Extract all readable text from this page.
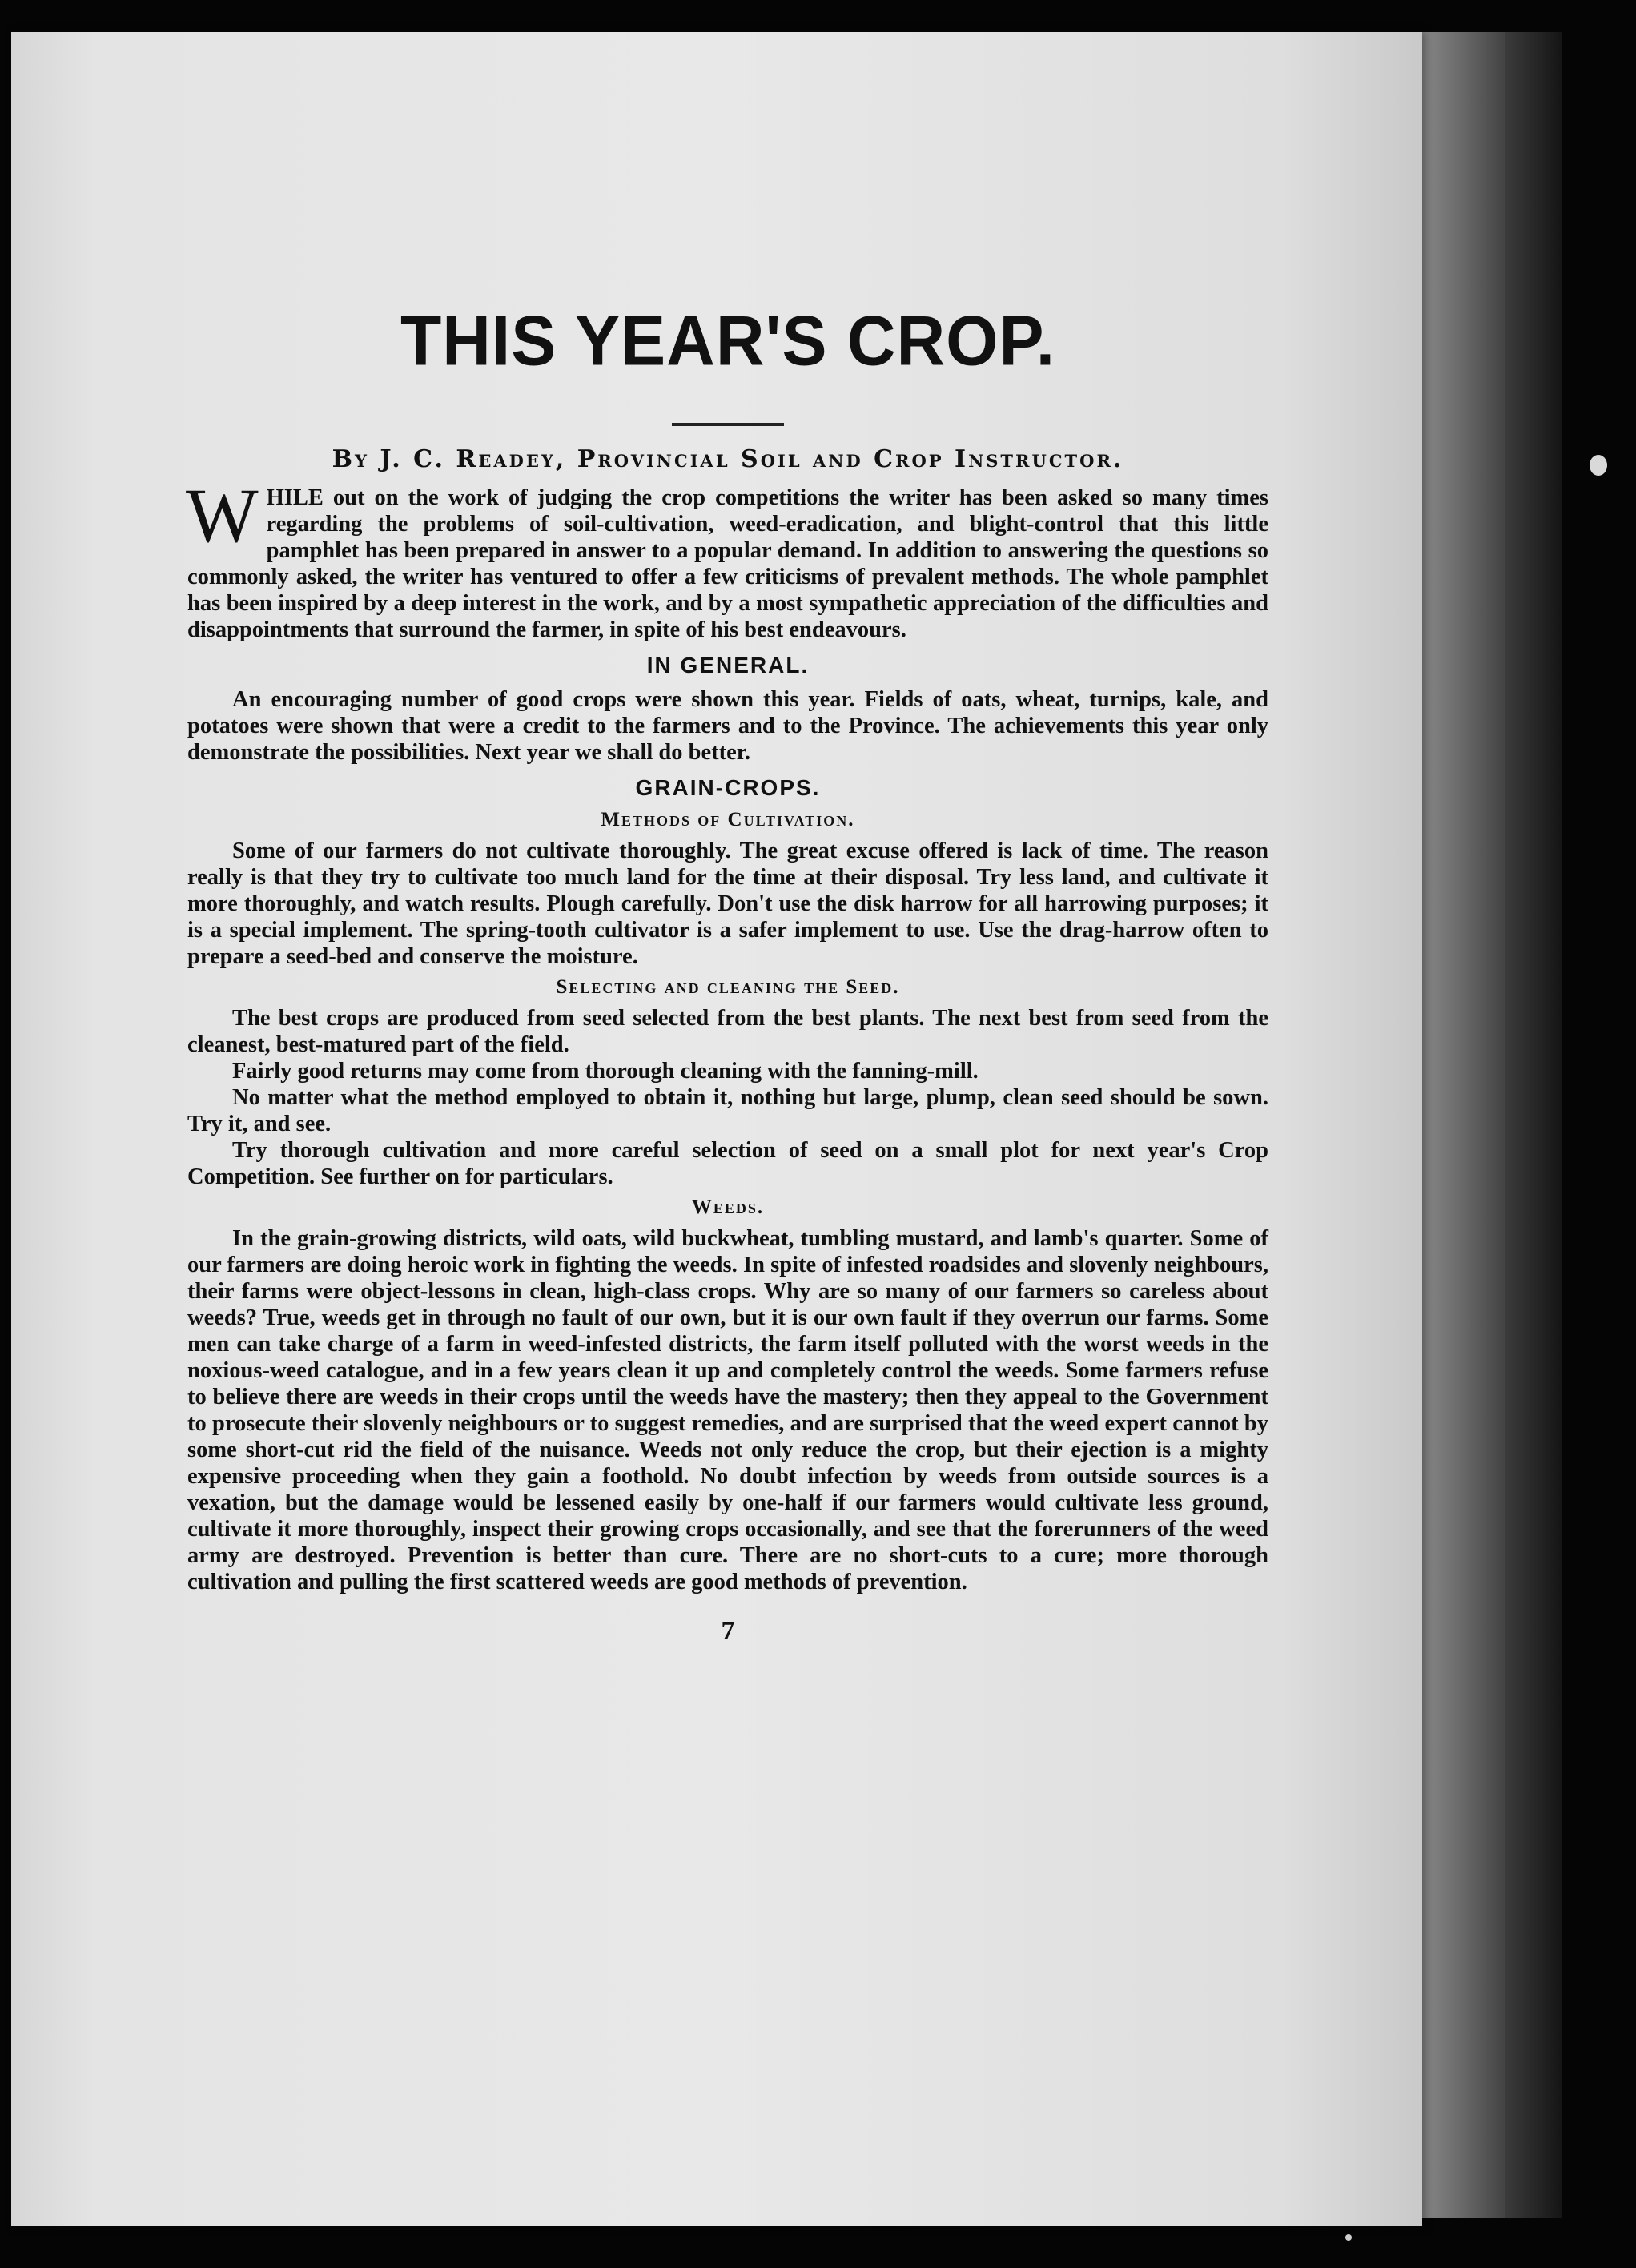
THIS YEAR'S CROP.
By J. C. Readey, Provincial Soil and Crop Instructor.

WHILE out on the work of judging the crop competitions the writer has been asked so many times regarding the problems of soil-cultivation, weed-eradication, and blight-control that this little pamphlet has been prepared in answer to a popular demand. In addition to answering the questions so commonly asked, the writer has ventured to offer a few criticisms of prevalent methods. The whole pamphlet has been inspired by a deep interest in the work, and by a most sympathetic appreciation of the difficulties and disappointments that surround the farmer, in spite of his best endeavours.

IN GENERAL.

An encouraging number of good crops were shown this year. Fields of oats, wheat, turnips, kale, and potatoes were shown that were a credit to the farmers and to the Province. The achievements this year only demonstrate the possibilities. Next year we shall do better.

GRAIN-CROPS.
Methods of Cultivation.

Some of our farmers do not cultivate thoroughly. The great excuse offered is lack of time. The reason really is that they try to cultivate too much land for the time at their disposal. Try less land, and cultivate it more thoroughly, and watch results. Plough carefully. Don't use the disk harrow for all harrowing purposes; it is a special implement. The spring-tooth cultivator is a safer implement to use. Use the drag-harrow often to prepare a seed-bed and conserve the moisture.

Selecting and cleaning the Seed.

The best crops are produced from seed selected from the best plants. The next best from seed from the cleanest, best-matured part of the field.

Fairly good returns may come from thorough cleaning with the fanning-mill.

No matter what the method employed to obtain it, nothing but large, plump, clean seed should be sown. Try it, and see.

Try thorough cultivation and more careful selection of seed on a small plot for next year's Crop Competition. See further on for particulars.

Weeds.

In the grain-growing districts, wild oats, wild buckwheat, tumbling mustard, and lamb's quarter. Some of our farmers are doing heroic work in fighting the weeds. In spite of infested roadsides and slovenly neighbours, their farms were object-lessons in clean, high-class crops. Why are so many of our farmers so careless about weeds? True, weeds get in through no fault of our own, but it is our own fault if they overrun our farms. Some men can take charge of a farm in weed-infested districts, the farm itself polluted with the worst weeds in the noxious-weed catalogue, and in a few years clean it up and completely control the weeds. Some farmers refuse to believe there are weeds in their crops until the weeds have the mastery; then they appeal to the Government to prosecute their slovenly neighbours or to suggest remedies, and are surprised that the weed expert cannot by some short-cut rid the field of the nuisance. Weeds not only reduce the crop, but their ejection is a mighty expensive proceeding when they gain a foothold. No doubt infection by weeds from outside sources is a vexation, but the damage would be lessened easily by one-half if our farmers would cultivate less ground, cultivate it more thoroughly, inspect their growing crops occasionally, and see that the forerunners of the weed army are destroyed. Prevention is better than cure. There are no short-cuts to a cure; more thorough cultivation and pulling the first scattered weeds are good methods of prevention.

7
